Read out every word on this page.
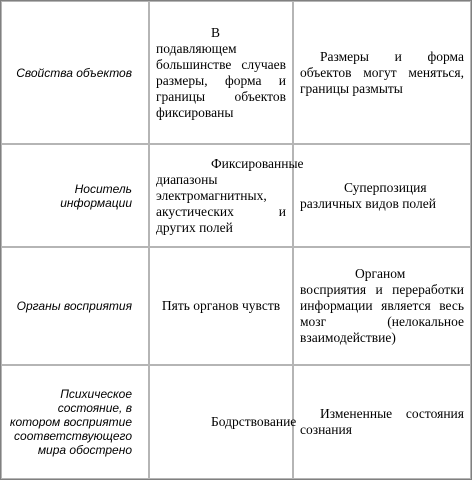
Свойства объектов	В подавляющем большинстве случаев размеры, форма и границы объектов фиксированы	Размеры и форма объектов могут меняться, границы размыты

Носитель информации	Фиксированные диапазоны электромагнитных, акустических и других полей	Суперпозиция различных видов полей

Органы восприятия	Пять органов чувств	Органом восприятия и переработки информации является весь мозг (нелокальное взаимодействие)

Психическое состояние, в котором восприятие соответствующего мира обострено	Бодрствование	Измененные состояния сознания
